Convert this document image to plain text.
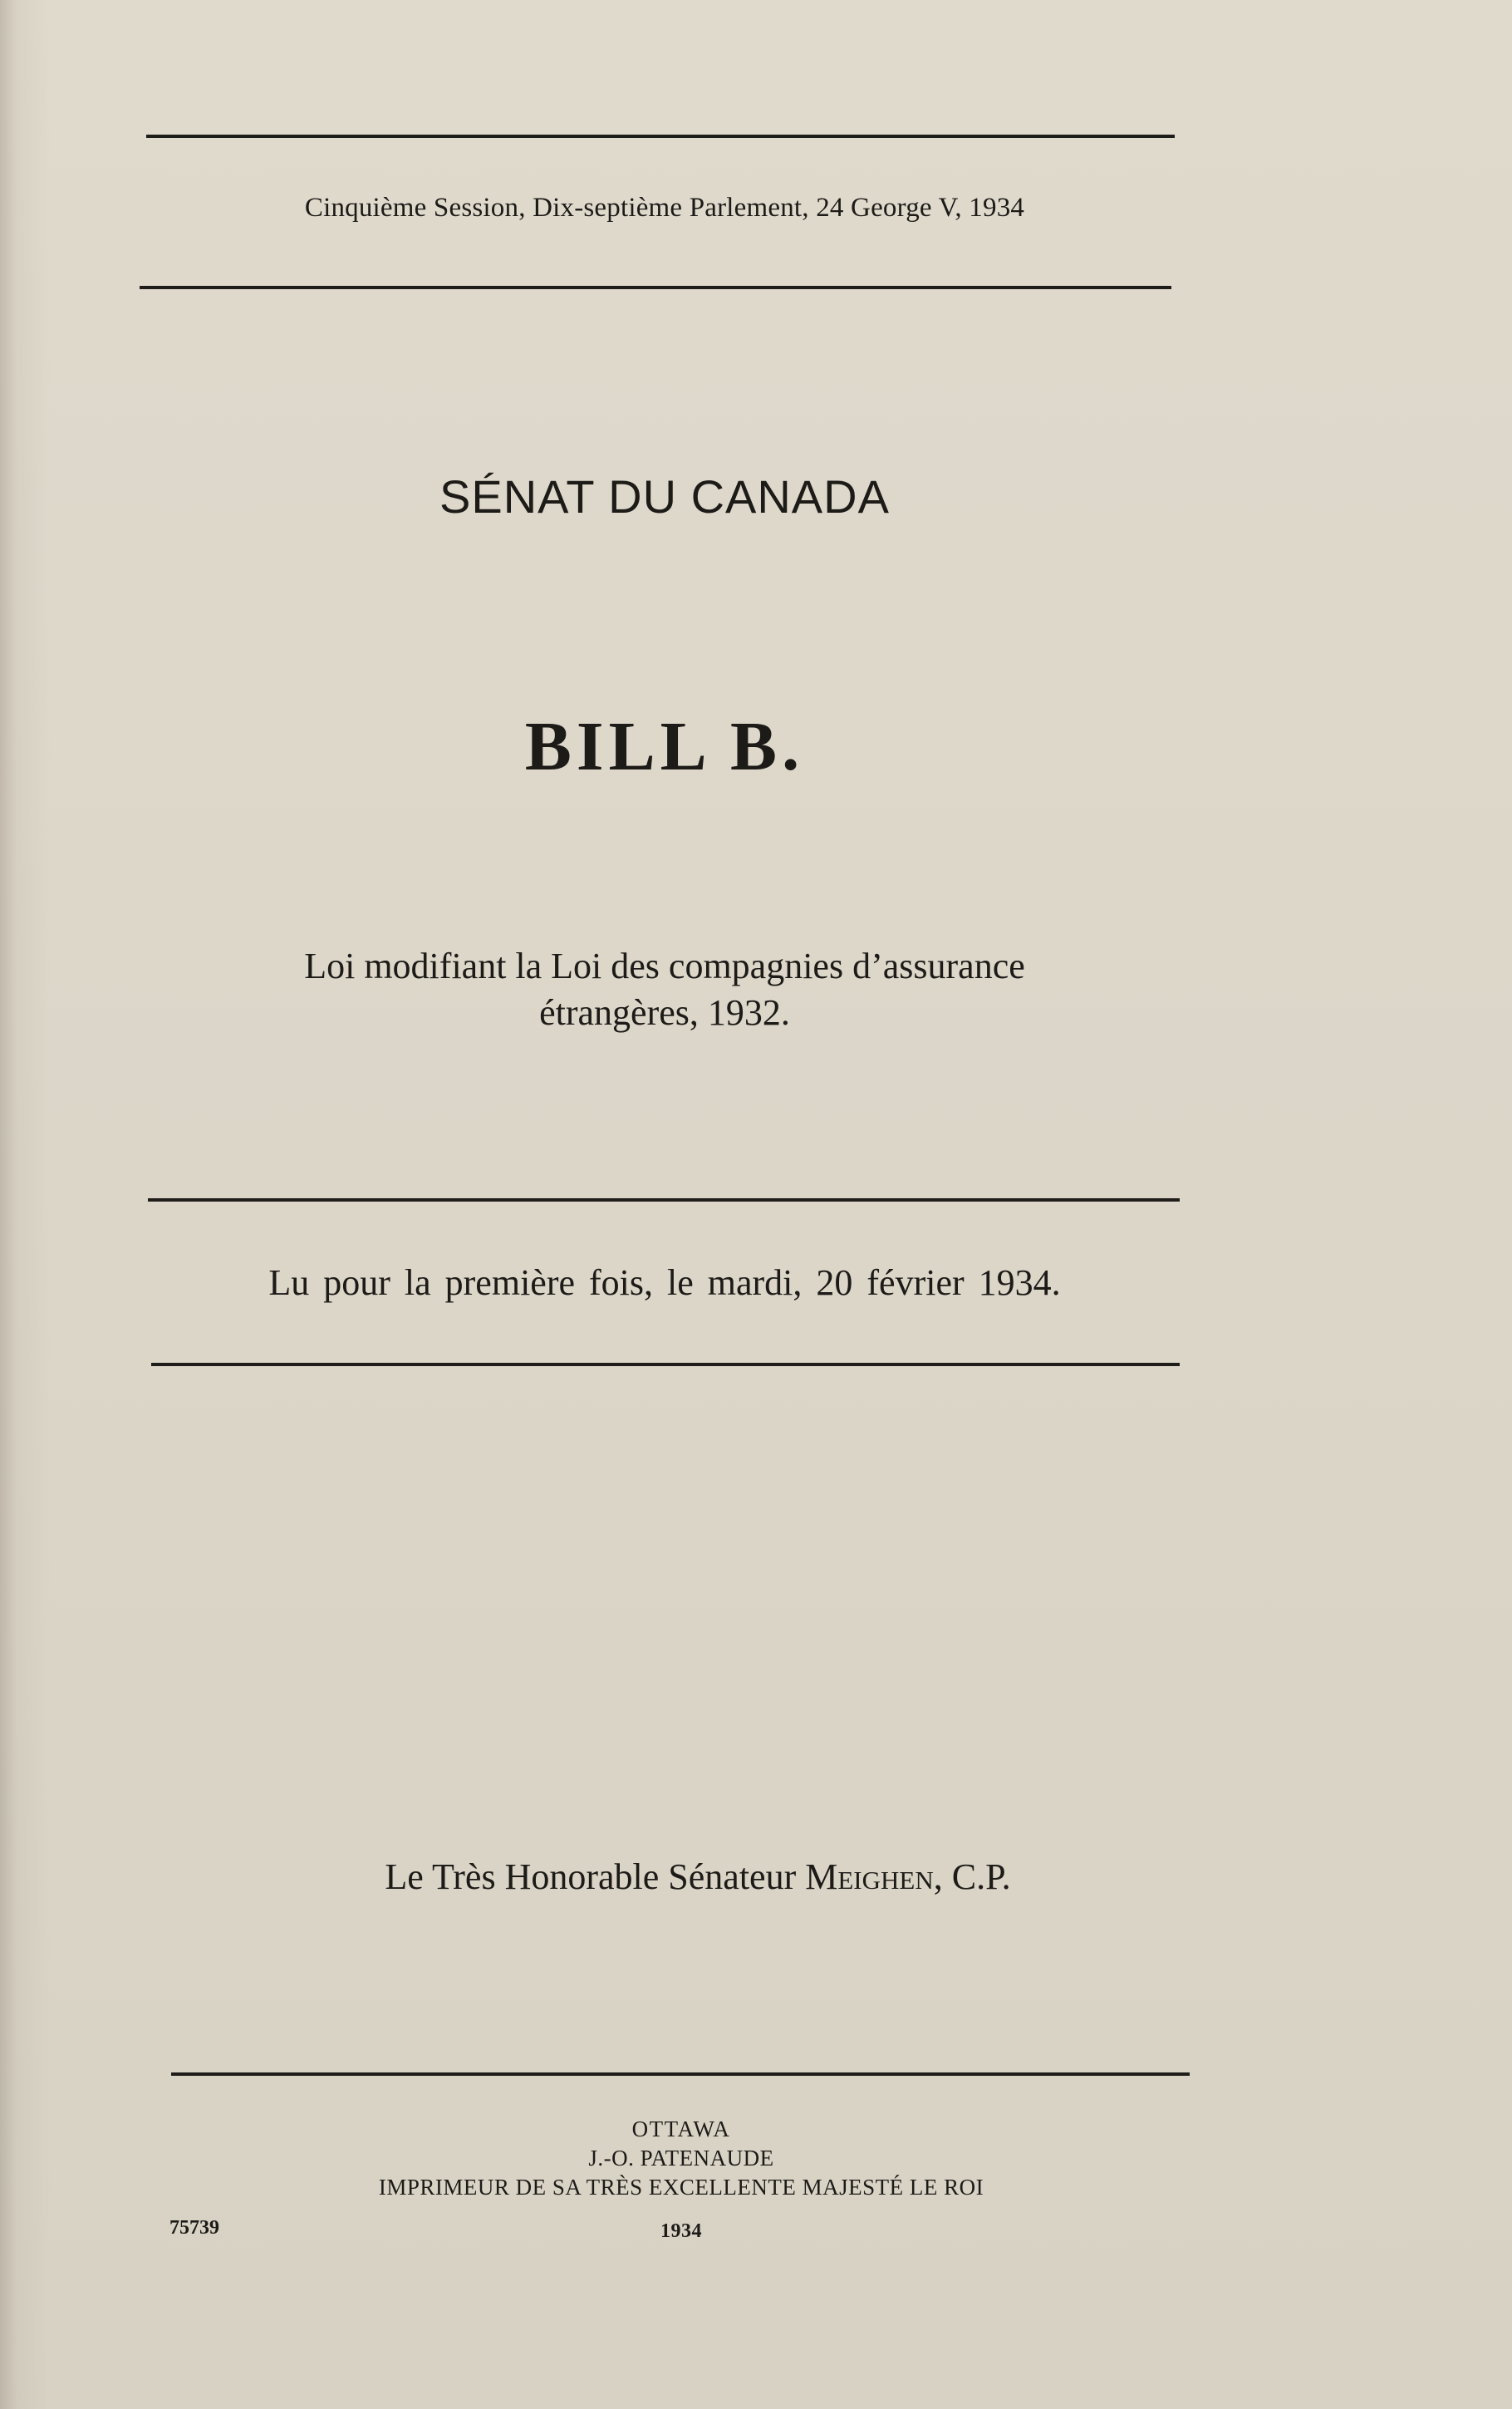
Cinquième Session, Dix-septième Parlement, 24 George V, 1934
SÉNAT DU CANADA
BILL B.
Loi modifiant la Loi des compagnies d’assurance
étrangères, 1932.
Lu pour la première fois, le mardi, 20 février 1934.
Le Très Honorable Sénateur Meighen, C.P.
OTTAWA
J.-O. PATENAUDE
IMPRIMEUR DE SA TRÈS EXCELLENTE MAJESTÉ LE ROI
1934
75739
